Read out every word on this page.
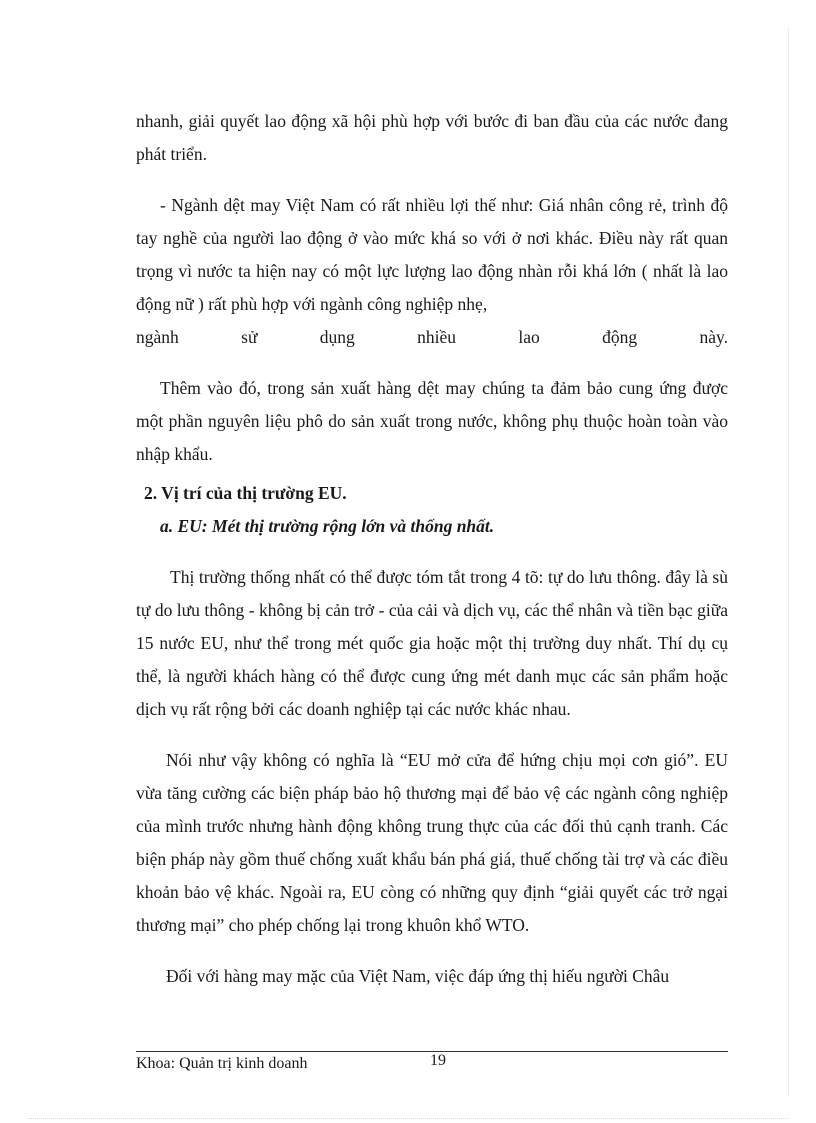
nhanh, giải quyết lao động xã hội phù hợp với bước đi ban đầu của các nước đang phát triển.

- Ngành dệt may Việt Nam có rất nhiều lợi thế như: Giá nhân công rẻ, trình độ tay nghề của người lao động ở vào mức khá so với ở nơi khác. Điều này rất quan trọng vì nước ta hiện nay có một lực lượng lao động nhàn rỗi khá lớn ( nhất là lao động nữ ) rất phù hợp với ngành công nghiệp nhẹ,

ngành sử dụng nhiều lao động này.

Thêm vào đó, trong sản xuất hàng dệt may chúng ta đảm bảo cung ứng được một phần nguyên liệu phô do sản xuất trong nước, không phụ thuộc hoàn toàn vào nhập khẩu.

2. Vị trí của thị trường EU.

a. EU: Mét thị trường rộng lớn và thống nhất.

Thị trường thống nhất có thể được tóm tắt trong 4 tõ: tự do lưu thông. đây là sù tự do lưu thông - không bị cản trở - của cải và dịch vụ, các thể nhân và tiền bạc giữa 15 nước EU, như thể trong mét quốc gia hoặc một thị trường duy nhất. Thí dụ cụ thể, là người khách hàng có thể được cung ứng mét danh mục các sản phẩm hoặc dịch vụ rất rộng bởi các doanh nghiệp tại các nước khác nhau.

Nói như vậy không có nghĩa là “EU mở cửa để hứng chịu mọi cơn gió”. EU vừa tăng cường các biện pháp bảo hộ thương mại để bảo vệ các ngành công nghiệp của mình trước nhưng hành động không trung thực của các đối thủ cạnh tranh. Các biện pháp này gồm thuế chống xuất khẩu bán phá giá, thuế chống tài trợ và các điều khoản bảo vệ khác. Ngoài ra, EU còng có những quy định “giải quyết các trở ngại thương mại” cho phép chống lại trong khuôn khổ WTO.

Đối với hàng may mặc của Việt Nam, việc đáp ứng thị hiếu người Châu

Khoa: Quản trị kinh doanh	19
